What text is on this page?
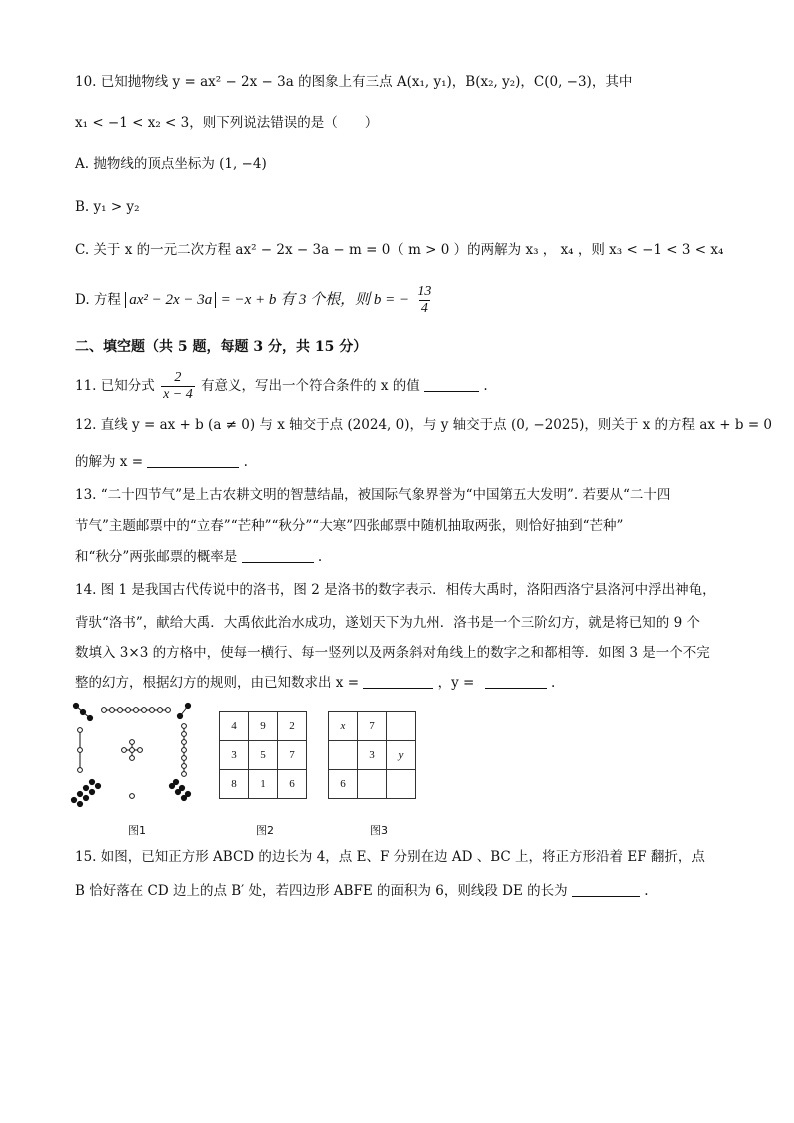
10. 已知抛物线 y = ax² − 2x − 3a 的图象上有三点 A(x₁, y₁)，B(x₂, y₂)，C(0, −3)，其中
x₁ < −1 < x₂ < 3，则下列说法错误的是（　　）
A. 抛物线的顶点坐标为 (1, −4)
B. y₁ > y₂
C. 关于 x 的一元二次方程 ax² − 2x − 3a − m = 0（ m > 0 ）的两解为 x₃ ， x₄ ，则 x₃ < −1 < 3 < x₄
D. 方程 ax² − 2x − 3a = −x + b 有 3 个根，则 b = − $\frac{13}{4}$
二、填空题（共 5 题，每题 3 分，共 15 分）
11. 已知分式 $\frac{2}{x - 4}$ 有意义，写出一个符合条件的 x 的值	.
12. 直线 y = ax + b (a ≠ 0) 与 x 轴交于点 (2024, 0)，与 y 轴交于点 (0, −2025)，则关于 x 的方程 ax + b = 0
的解为 x =	.
13. “二十四节气”是上古农耕文明的智慧结晶，被国际气象界誉为“中国第五大发明”. 若要从“二十四
节气”主题邮票中的“立春”“芒种”“秋分”“大寒”四张邮票中随机抽取两张，则恰好抽到“芒种”
和“秋分”两张邮票的概率是	.
14. 图 1 是我国古代传说中的洛书，图 2 是洛书的数字表示．相传大禹时，洛阳西洛宁县洛河中浮出神龟，
背驮“洛书”，献给大禹．大禹依此治水成功，遂划天下为九州．洛书是一个三阶幻方，就是将已知的 9 个
数填入 3×3 的方格中，使每一横行、每一竖列以及两条斜对角线上的数字之和都相等．如图 3 是一个不完
整的幻方，根据幻方的规则，由已知数求出 x =	，y =	.
图1
4	9	2
3	5	7
8	1	6
图2
x	7	
	3	y
6		
图3
15. 如图，已知正方形 ABCD 的边长为 4，点 E、F 分别在边 AD 、BC 上，将正方形沿着 EF 翻折，点
B 恰好落在 CD 边上的点 B′ 处，若四边形 ABFE 的面积为 6，则线段 DE 的长为	.
